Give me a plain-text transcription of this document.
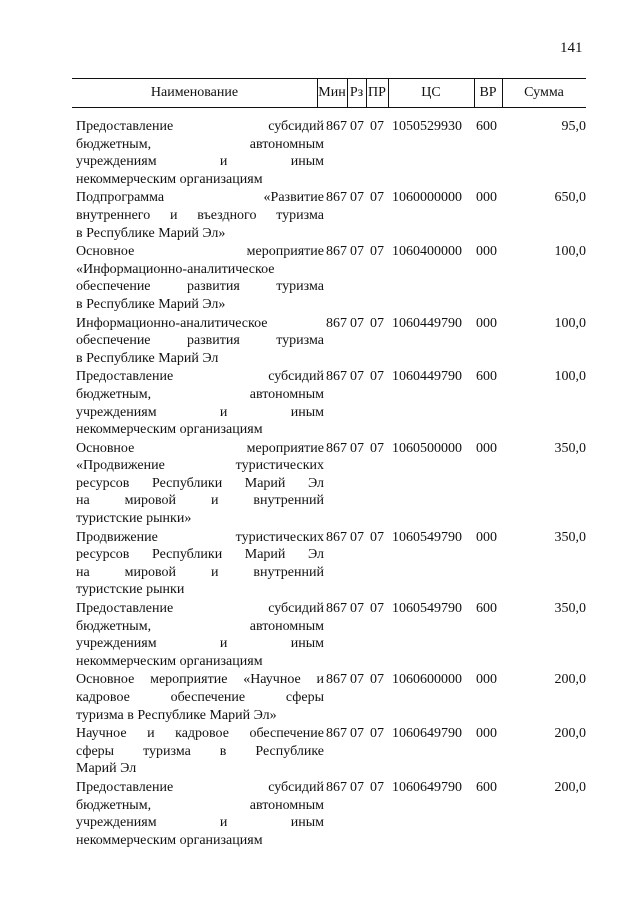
141
Наименование	Мин Рз ПР	ЦС	ВР	Сумма
Предоставление субсидий
бюджетным, автономным
учреждениям и иным
некоммерческим организациям
867 07 07 1050529930	600	95,0
Подпрограмма «Развитие
внутреннего и въездного туризма
в Республике Марий Эл»
867 07 07 1060000000	000	650,0
Основное мероприятие
«Информационно-аналитическое
обеспечение развития туризма
в Республике Марий Эл»
867 07 07 1060400000	000	100,0
Информационно-аналитическое
обеспечение развития туризма
в Республике Марий Эл
867 07 07 1060449790	000	100,0
Предоставление субсидий
бюджетным, автономным
учреждениям и иным
некоммерческим организациям
867 07 07 1060449790	600	100,0
Основное мероприятие
«Продвижение туристических
ресурсов Республики Марий Эл
на мировой и внутренний
туристские рынки»
867 07 07 1060500000	000	350,0
Продвижение туристических
ресурсов Республики Марий Эл
на мировой и внутренний
туристские рынки
867 07 07 1060549790	000	350,0
Предоставление субсидий
бюджетным, автономным
учреждениям и иным
некоммерческим организациям
867 07 07 1060549790	600	350,0
Основное мероприятие «Научное и
кадровое обеспечение сферы
туризма в Республике Марий Эл»
867 07 07 1060600000	000	200,0
Научное и кадровое обеспечение
сферы туризма в Республике
Марий Эл
867 07 07 1060649790	000	200,0
Предоставление субсидий
бюджетным, автономным
учреждениям и иным
некоммерческим организациям
867 07 07 1060649790	600	200,0
